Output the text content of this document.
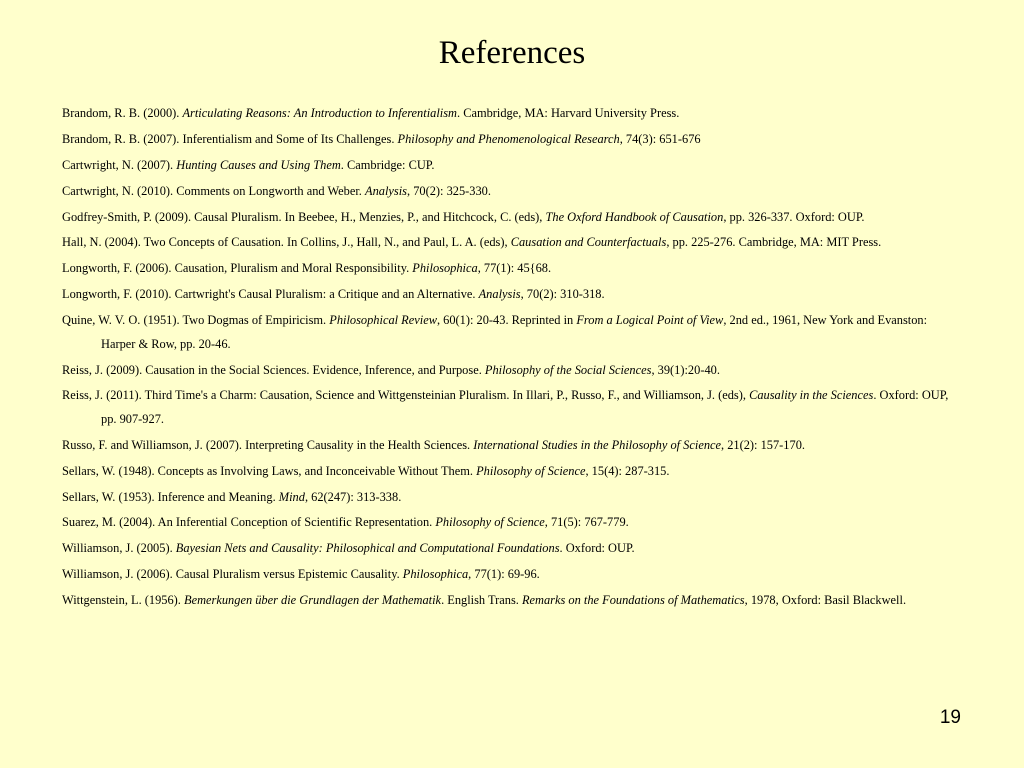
References
Brandom, R. B. (2000). Articulating Reasons: An Introduction to Inferentialism. Cambridge, MA: Harvard University Press.
Brandom, R. B. (2007). Inferentialism and Some of Its Challenges. Philosophy and Phenomenological Research, 74(3): 651-676
Cartwright, N. (2007). Hunting Causes and Using Them. Cambridge: CUP.
Cartwright, N. (2010). Comments on Longworth and Weber. Analysis, 70(2): 325-330.
Godfrey-Smith, P. (2009). Causal Pluralism. In Beebee, H., Menzies, P., and Hitchcock, C. (eds), The Oxford Handbook of Causation, pp. 326-337. Oxford: OUP.
Hall, N. (2004). Two Concepts of Causation. In Collins, J., Hall, N., and Paul, L. A. (eds), Causation and Counterfactuals, pp. 225-276. Cambridge, MA: MIT Press.
Longworth, F. (2006). Causation, Pluralism and Moral Responsibility. Philosophica, 77(1): 45{68.
Longworth, F. (2010). Cartwright's Causal Pluralism: a Critique and an Alternative. Analysis, 70(2): 310-318.
Quine, W. V. O. (1951). Two Dogmas of Empiricism. Philosophical Review, 60(1): 20-43. Reprinted in From a Logical Point of View, 2nd ed., 1961, New York and Evanston: Harper & Row, pp. 20-46.
Reiss, J. (2009). Causation in the Social Sciences. Evidence, Inference, and Purpose. Philosophy of the Social Sciences, 39(1):20-40.
Reiss, J. (2011). Third Time's a Charm: Causation, Science and Wittgensteinian Pluralism. In Illari, P., Russo, F., and Williamson, J. (eds), Causality in the Sciences. Oxford: OUP, pp. 907-927.
Russo, F. and Williamson, J. (2007). Interpreting Causality in the Health Sciences. International Studies in the Philosophy of Science, 21(2): 157-170.
Sellars, W. (1948). Concepts as Involving Laws, and Inconceivable Without Them. Philosophy of Science, 15(4): 287-315.
Sellars, W. (1953). Inference and Meaning. Mind, 62(247): 313-338.
Suarez, M. (2004). An Inferential Conception of Scientific Representation. Philosophy of Science, 71(5): 767-779.
Williamson, J. (2005). Bayesian Nets and Causality: Philosophical and Computational Foundations. Oxford: OUP.
Williamson, J. (2006). Causal Pluralism versus Epistemic Causality. Philosophica, 77(1): 69-96.
Wittgenstein, L. (1956). Bemerkungen über die Grundlagen der Mathematik. English Trans. Remarks on the Foundations of Mathematics, 1978, Oxford: Basil Blackwell.
19
